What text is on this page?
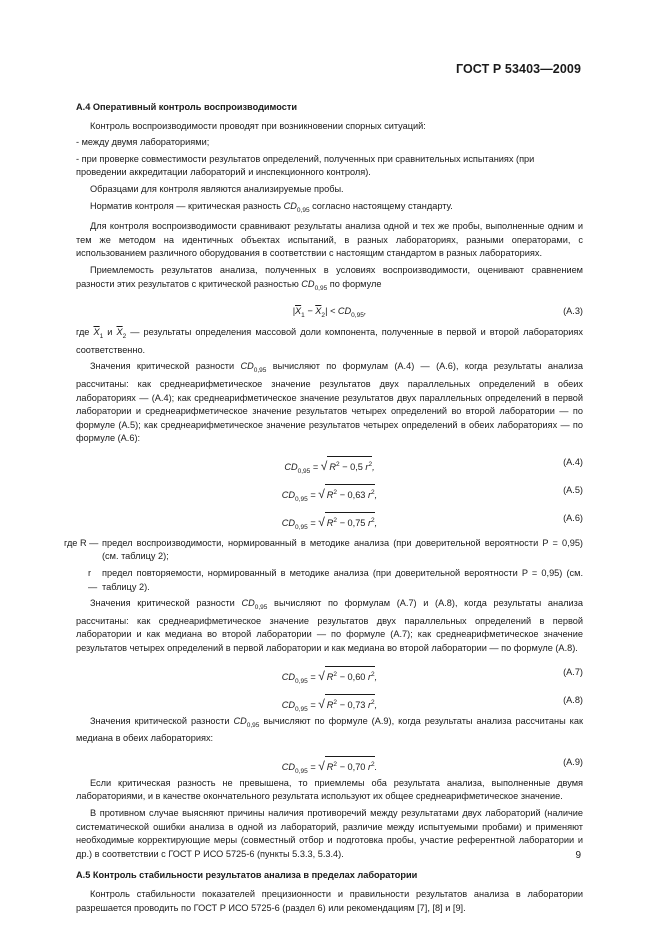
ГОСТ Р 53403—2009
А.4 Оперативный контроль воспроизводимости

Контроль воспроизводимости проводят при возникновении спорных ситуаций:

- между двумя лабораториями;

- при проверке совместимости результатов определений, полученных при сравнительных испытаниях (при проведении аккредитации лабораторий и инспекционного контроля).

Образцами для контроля являются анализируемые пробы.

Норматив контроля — критическая разность $CD_{0,95}$ согласно настоящему стандарту.

Для контроля воспроизводимости сравнивают результаты анализа одной и тех же пробы, выполненные одним и тем же методом на идентичных объектах испытаний, в разных лабораториях, разными операторами, с использованием различного оборудования в соответствии с настоящим стандартом в разных лабораториях.

Приемлемость результатов анализа, полученных в условиях воспроизводимости, оценивают сравнением разности этих результатов с критической разностью $CD_{0,95}$ по формуле

$|\overline{X}_1 - \overline{X}_2| < CD_{0,95}$,	(А.3)

где $\overline{X}_1$ и $\overline{X}_2$ — результаты определения массовой доли компонента, полученные в первой и второй лабораториях соответственно.

Значения критической разности $CD_{0,95}$ вычисляют по формулам (А.4) — (А.6), когда результаты анализа рассчитаны: как среднеарифметическое значение результатов двух параллельных определений в обеих лабораториях — (А.4); как среднеарифметическое значение результатов двух параллельных определений в первой лаборатории и среднеарифметическое значение результатов четырех определений во второй лаборатории — по формуле (А.5); как среднеарифметическое значение результатов четырех определений в обеих лабораториях — по формуле (А.6):

$CD_{0,95}$ = √ $R^2 - 0,5$ $r^2$,	(А.4)
$CD_{0,95}$ = √ $R^2 - 0,63$ $r^2$,	(А.5)
$CD_{0,95}$ = √ $R^2 - 0,75$ $r^2$,	(А.6)
где R — предел воспроизводимости, нормированный в методике анализа (при доверительной вероятности P = 0,95) (см. таблицу 2);
r —
предел повторяемости, нормированный в методике анализа (при доверительной вероятности P = 0,95) (см. таблицу 2).

Значения критической разности $CD_{0,95}$ вычисляют по формулам (А.7) и (А.8), когда результаты анализа рассчитаны: как среднеарифметическое значение результатов двух параллельных определений в первой лаборатории и как медиана во второй лаборатории — по формуле (А.7); как среднеарифметическое значение результатов четырех определений в первой лаборатории и как медиана во второй лаборатории — по формуле (А.8).

$CD_{0,95}$ = √ $R^2 - 0,60$ $r^2$,	(А.7)
$CD_{0,95}$ = √ $R^2 - 0,73$ $r^2$,	(А.8)

Значения критической разности $CD_{0,95}$ вычисляют по формуле (А.9), когда результаты анализа рассчитаны как медиана в обеих лабораториях:

$CD_{0,95}$ = √ $R^2 - 0,70$ $r^2$.	(А.9)

Если критическая разность не превышена, то приемлемы оба результата анализа, выполненные двумя лабораториями, и в качестве окончательного результата используют их общее среднеарифметическое значение.

В противном случае выясняют причины наличия противоречий между результатами двух лабораторий (наличие систематической ошибки анализа в одной из лабораторий, различие между испытуемыми пробами) и применяют необходимые корректирующие меры (совместный отбор и подготовка пробы, участие референтной лаборатории и др.) в соответствии с ГОСТ Р ИСО 5725-6 (пункты 5.3.3, 5.3.4).

А.5 Контроль стабильности результатов анализа в пределах лаборатории

Контроль стабильности показателей прецизионности и правильности результатов анализа в лаборатории разрешается проводить по ГОСТ Р ИСО 5725-6 (раздел 6) или рекомендациям [7], [8] и [9].

9
